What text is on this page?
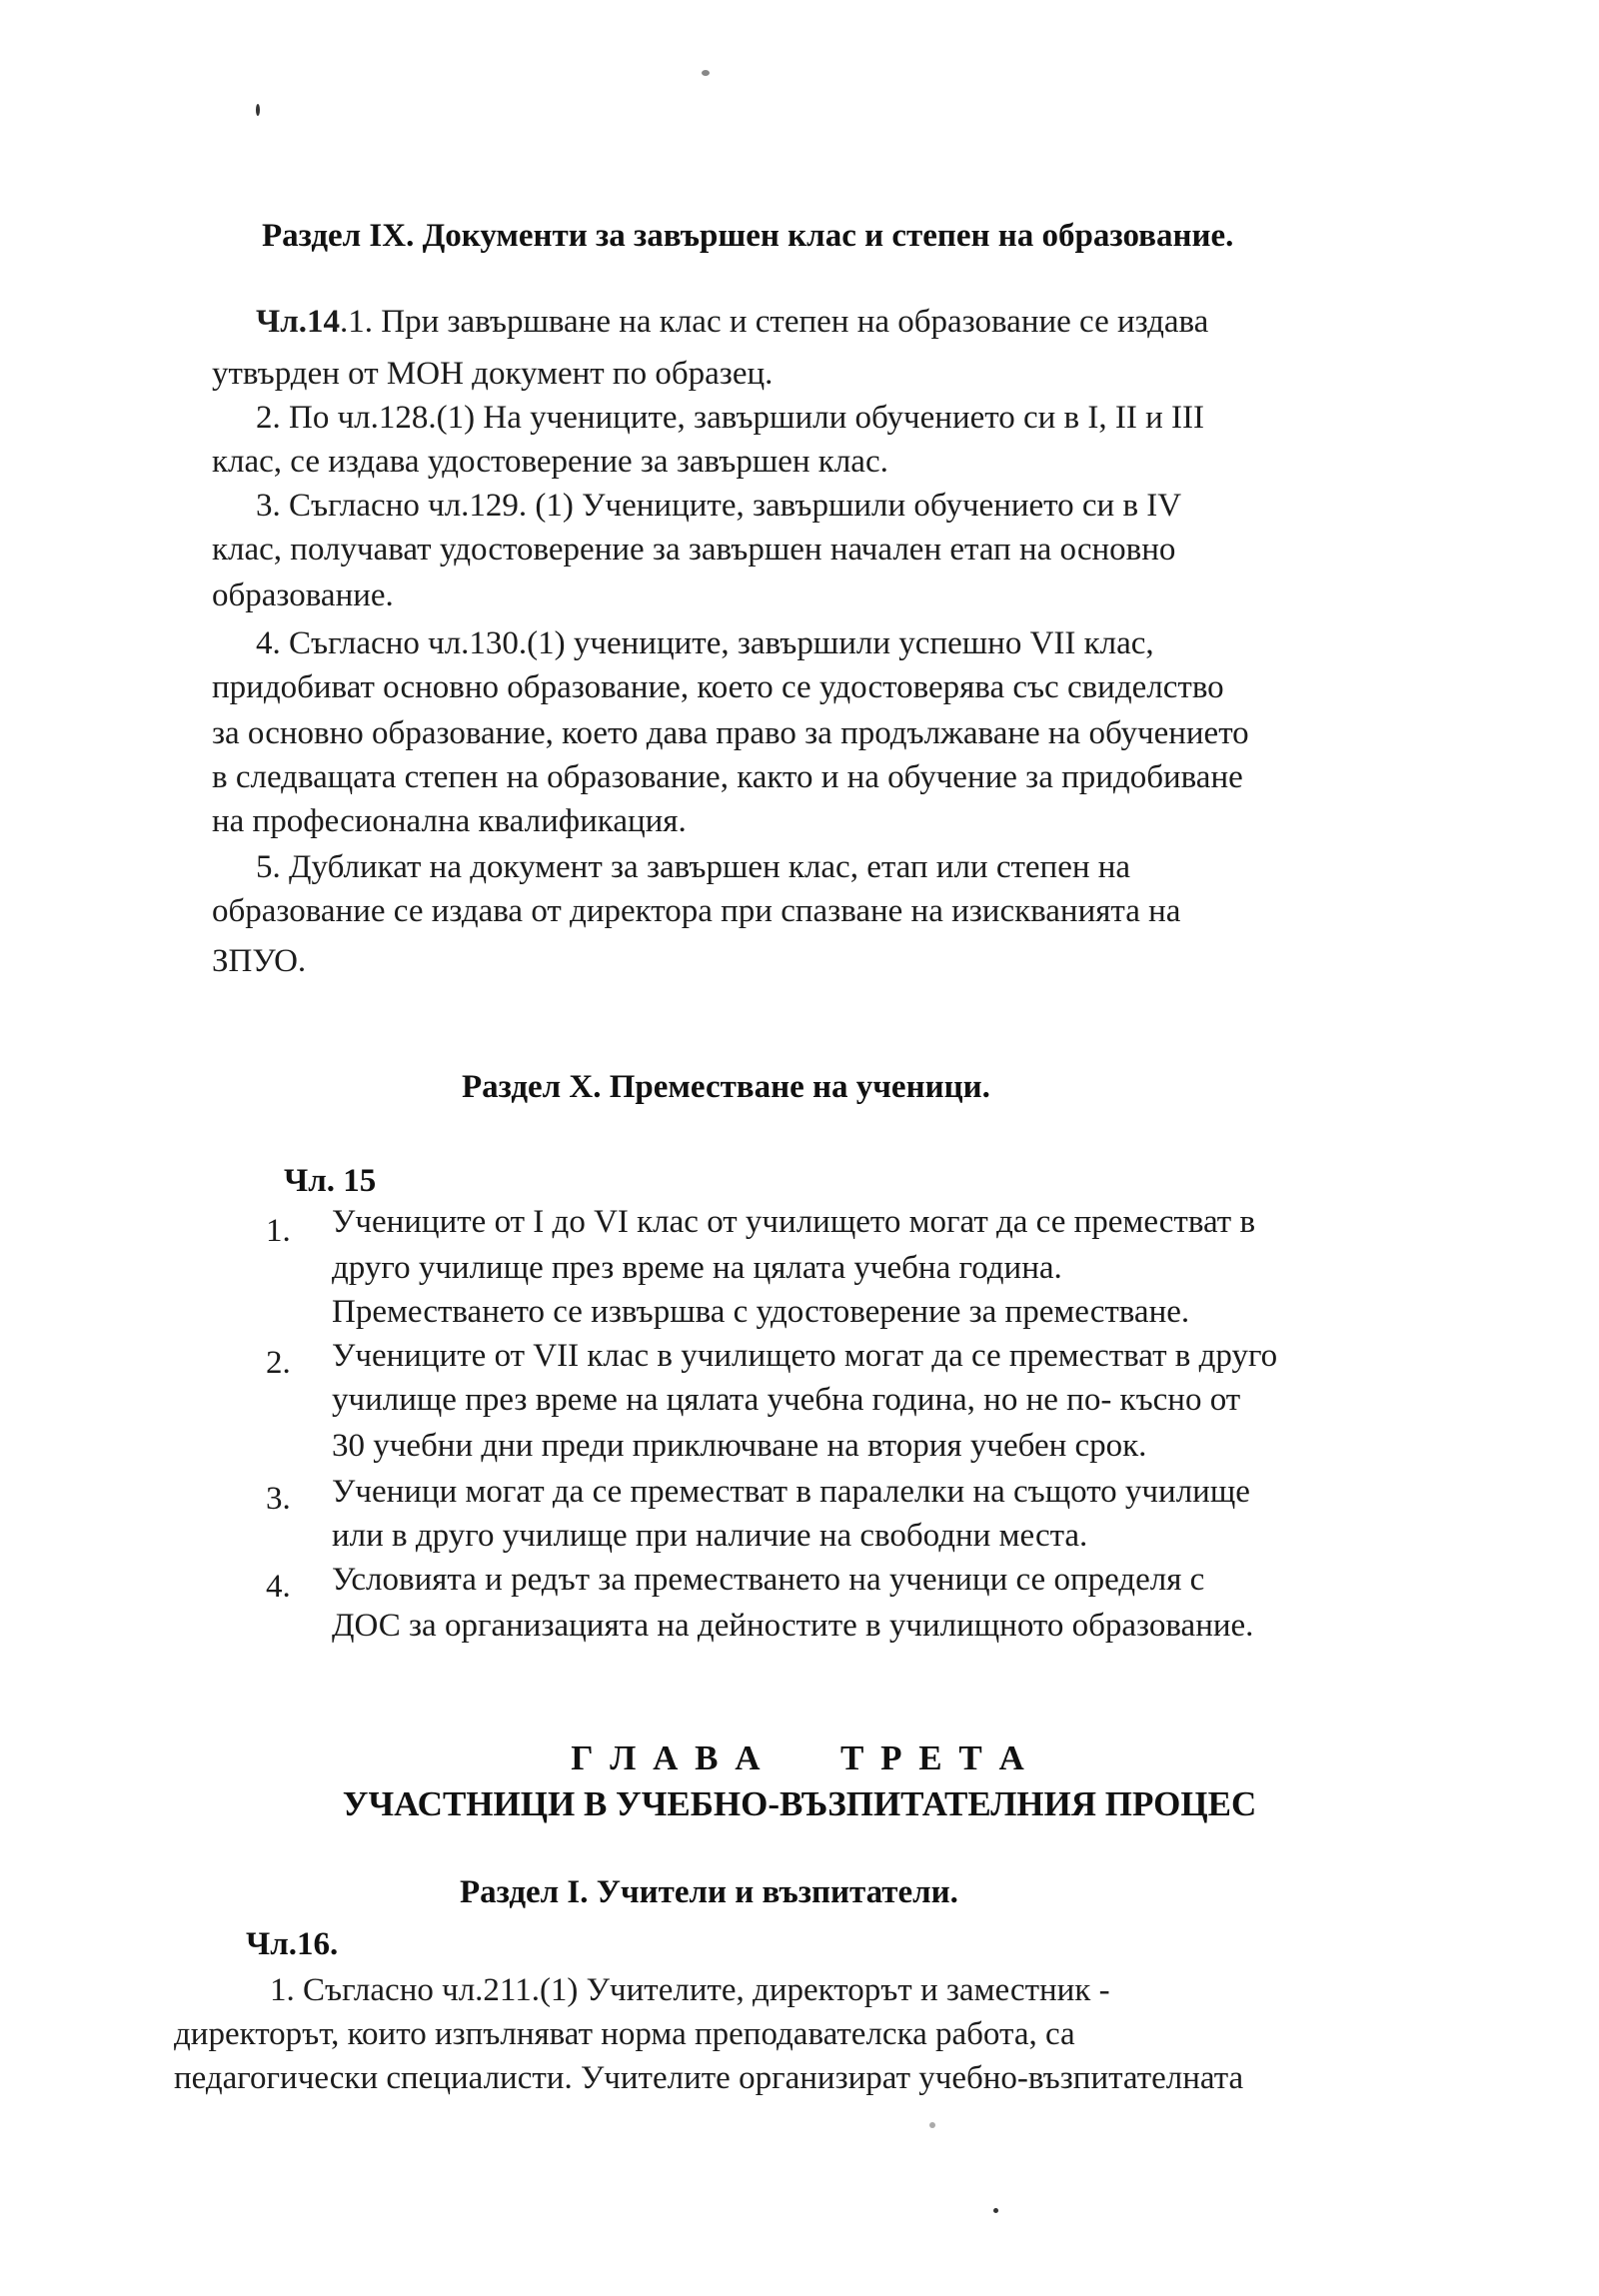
Раздел IX. Документи за завършен клас и степен на образование.
Чл.14.1. При завършване на клас и степен на образование се издава
утвърден от МОН документ по образец.
2. По чл.128.(1) На учениците, завършили обучението си в I, II и III
клас, се издава удостоверение за завършен клас.
3. Съгласно чл.129. (1) Учениците, завършили обучението си в IV
клас, получават удостоверение за завършен начален етап на основно
образование.
4. Съгласно чл.130.(1) учениците, завършили успешно VII клас,
придобиват основно образование, което се удостоверява със свиделство
за основно образование, което дава право за продължаване на обучението
в следващата степен на образование, както и на обучение за придобиване
на професионална квалификация.
5. Дубликат на документ за завършен клас, етап или степен на
образование се издава от директора при спазване на изискванията на
ЗПУО.
Раздел X. Преместване на ученици.
Чл. 15
1. Учениците от I до VI клас от училището могат да се преместват в
друго училище през време на цялата учебна година.
Преместването се извършва с удостоверение за преместване.
2. Учениците от VII клас в училището могат да се преместват в друго
училище през време на цялата учебна година, но не по- късно от
30 учебни дни преди приключване на втория учебен срок.
3. Ученици могат да се преместват в паралелки на същото училище
или в друго училище при наличие на свободни места.
4. Условията и редът за преместването на ученици се определя с
ДОС за организацията на дейностите в училищното образование.
Г Л А В А      Т Р Е Т А
УЧАСТНИЦИ В УЧЕБНО-ВЪЗПИТАТЕЛНИЯ ПРОЦЕС
Раздел I. Учители и възпитатели.
Чл.16.
1. Съгласно чл.211.(1) Учителите, директорът и заместник -
директорът, които изпълняват норма преподавателска работа, са
педагогически специалисти. Учителите организират учебно-възпитателната
